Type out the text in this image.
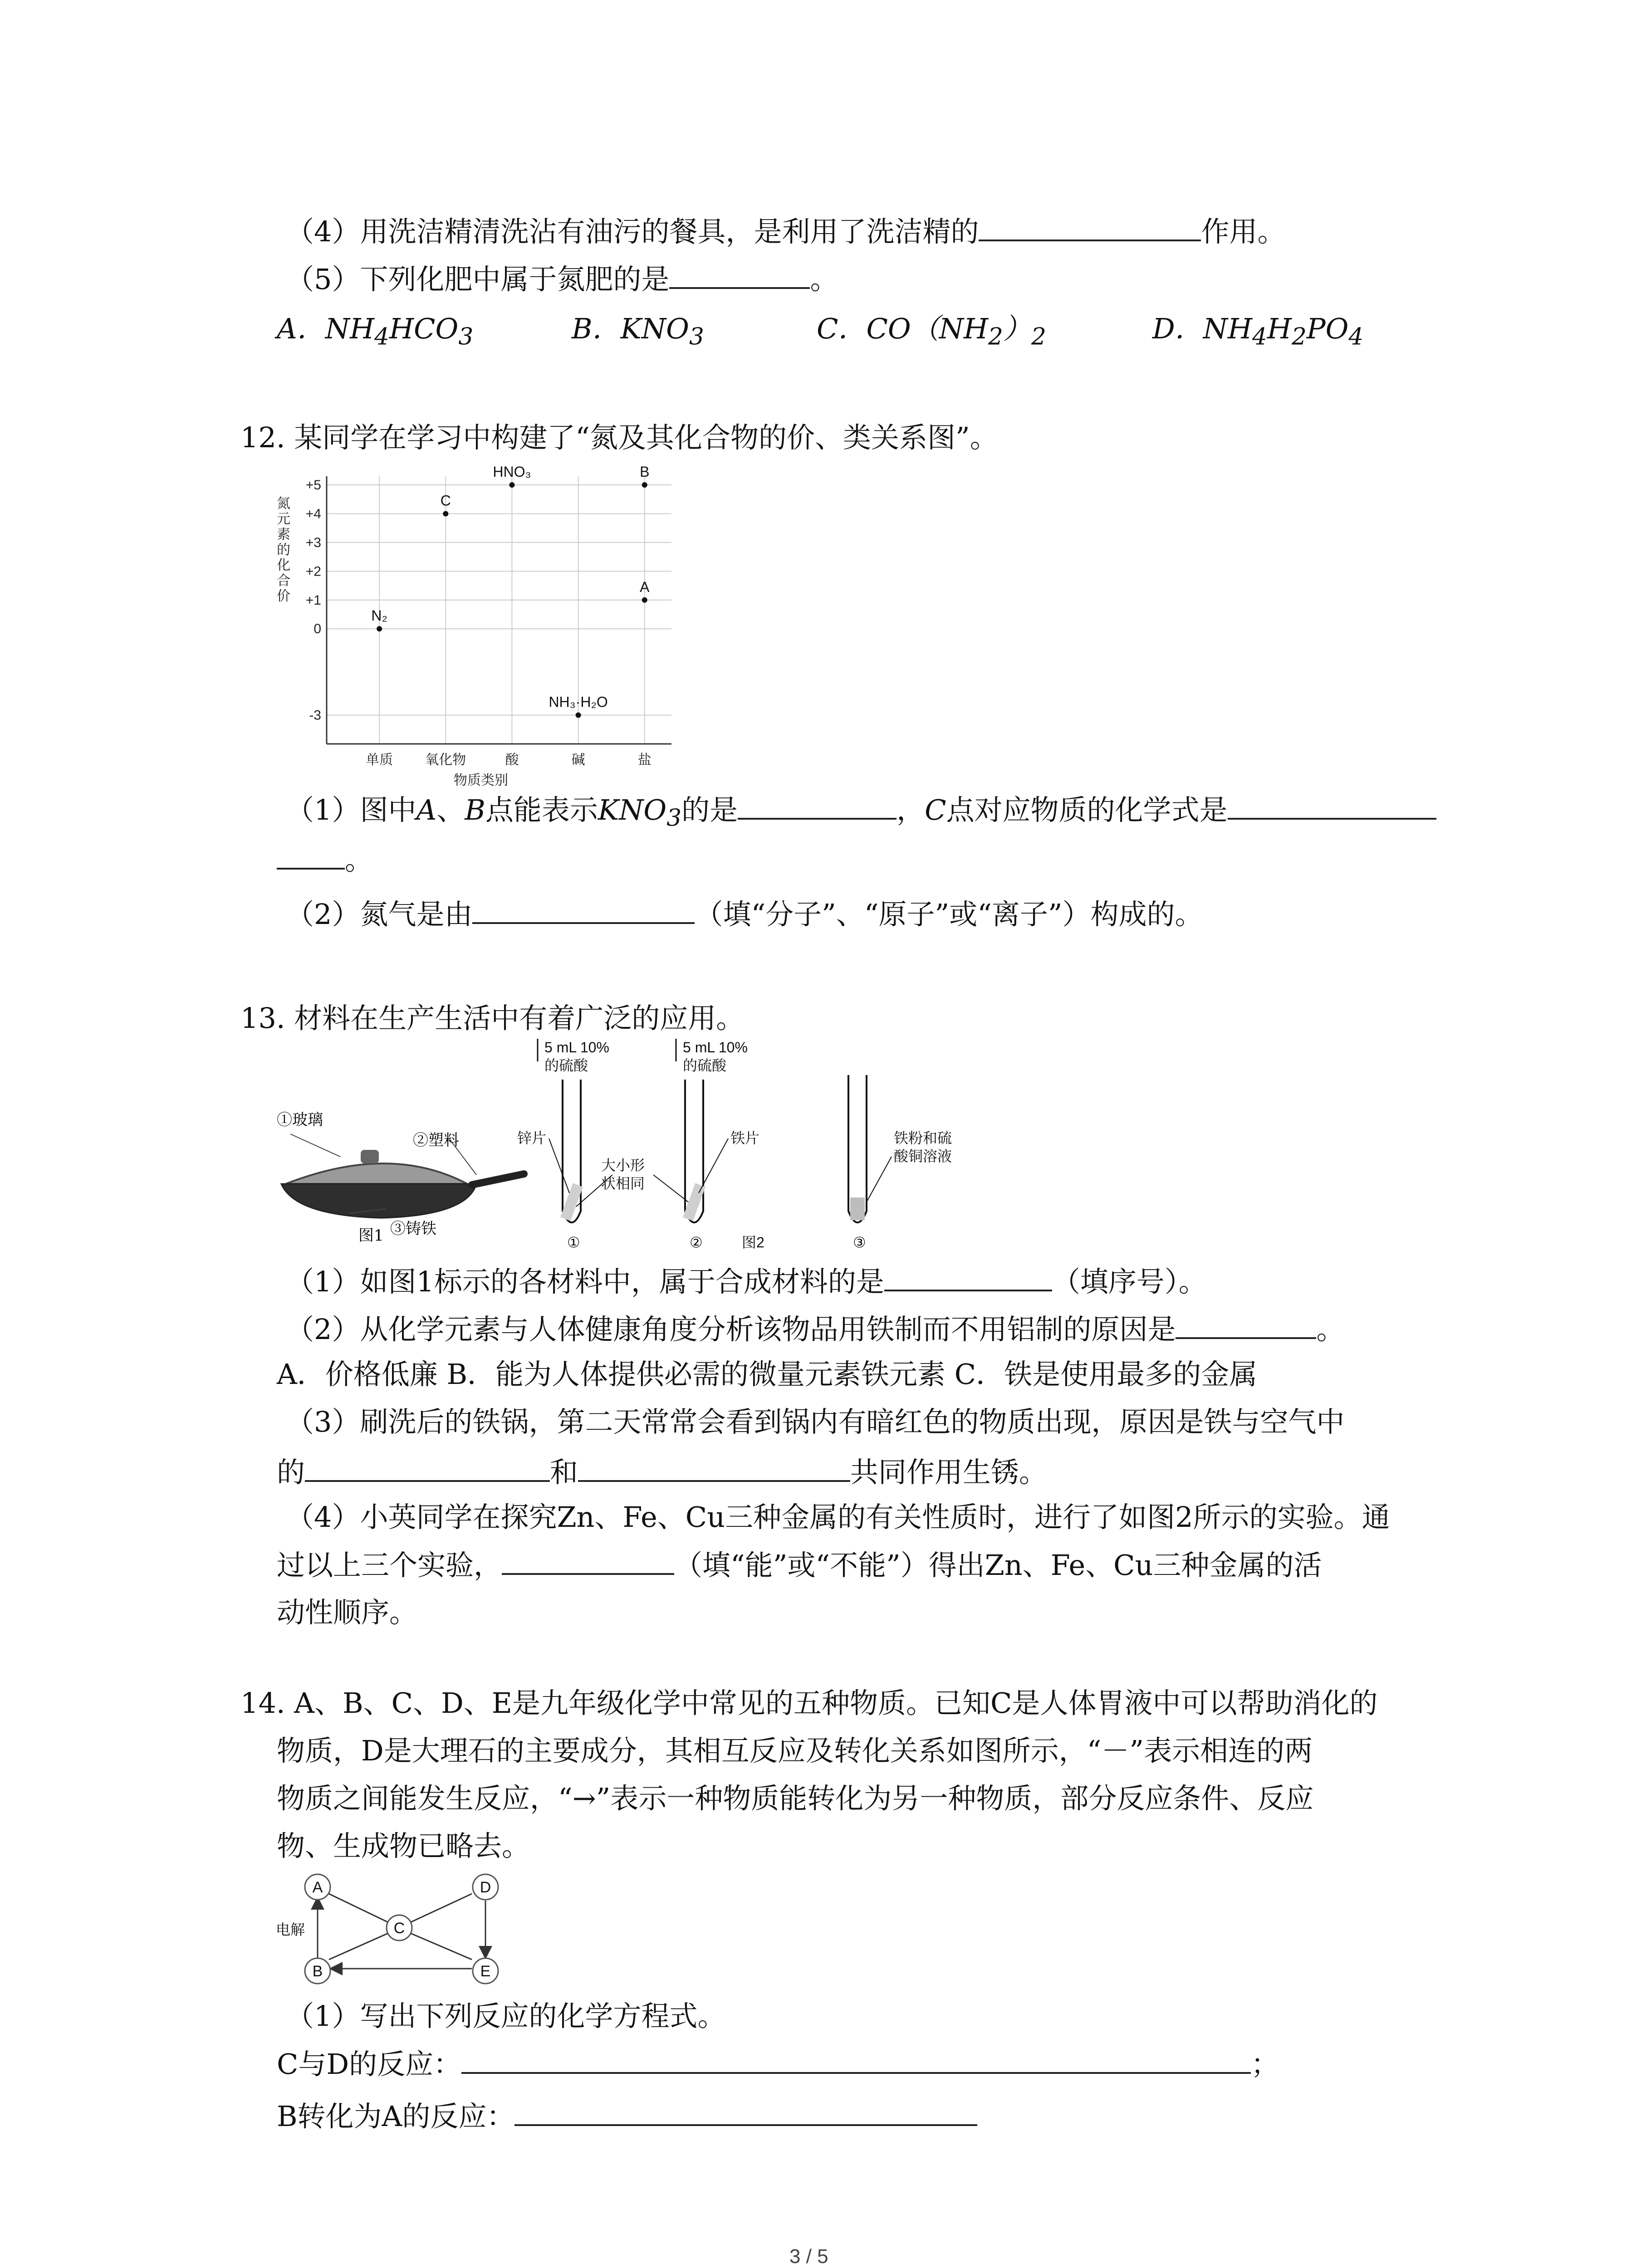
（4）用洗洁精清洗沾有油污的餐具，是利用了洗洁精的	作用。
（5）下列化肥中属于氮肥的是	。
A．$NH_4HCO_3$	B．$KNO_3$	C．$CO(NH_2)_2$	D．$NH_4H_2PO_4$
12. 某同学在学习中构建了“氮及其化合物的价、类关系图”。
+5
+4
+3
+2
+1
0
-3
单质 氧化物	酸	碱	盐
物质类别
氮
元
素
的
化
合
价
N₂
C
HNO₃
NH₃·H₂O
B
A
（1）图中A、B点能表示$KNO_3$的是	，C点对应物质的化学式是
。
（2）氮气是由	（填“分子”、“原子”或“离子”）构成的。
13. 材料在生产生活中有着广泛的应用。
①玻璃
②塑料
③铸铁
图1
5 mL 10%
的硫酸
锌片
①
大小形
状相同
5 mL 10%
的硫酸
铁片
②	图2
铁粉和硫
酸铜溶液
③
（1）如图1标示的各材料中，属于合成材料的是	（填序号）。
（2）从化学元素与人体健康角度分析该物品用铁制而不用铝制的原因是	。
A．价格低廉 B．能为人体提供必需的微量元素铁元素 C．铁是使用最多的金属
（3）刷洗后的铁锅，第二天常常会看到锅内有暗红色的物质出现，原因是铁与空气中
的	和	共同作用生锈。
（4）小英同学在探究Zn、Fe、Cu三种金属的有关性质时，进行了如图2所示的实验。通
过以上三个实验，	（填“能”或“不能”）得出Zn、Fe、Cu三种金属的活
动性顺序。
14. A、B、C、D、E是九年级化学中常见的五种物质。已知C是人体胃液中可以帮助消化的
物质，D是大理石的主要成分，其相互反应及转化关系如图所示，“－”表示相连的两
物质之间能发生反应，“→”表示一种物质能转化为另一种物质，部分反应条件、反应
物、生成物已略去。
A
C
D
B	E
电解
（1）写出下列反应的化学方程式。
C与D的反应：	；
B转化为A的反应：
3 / 5
